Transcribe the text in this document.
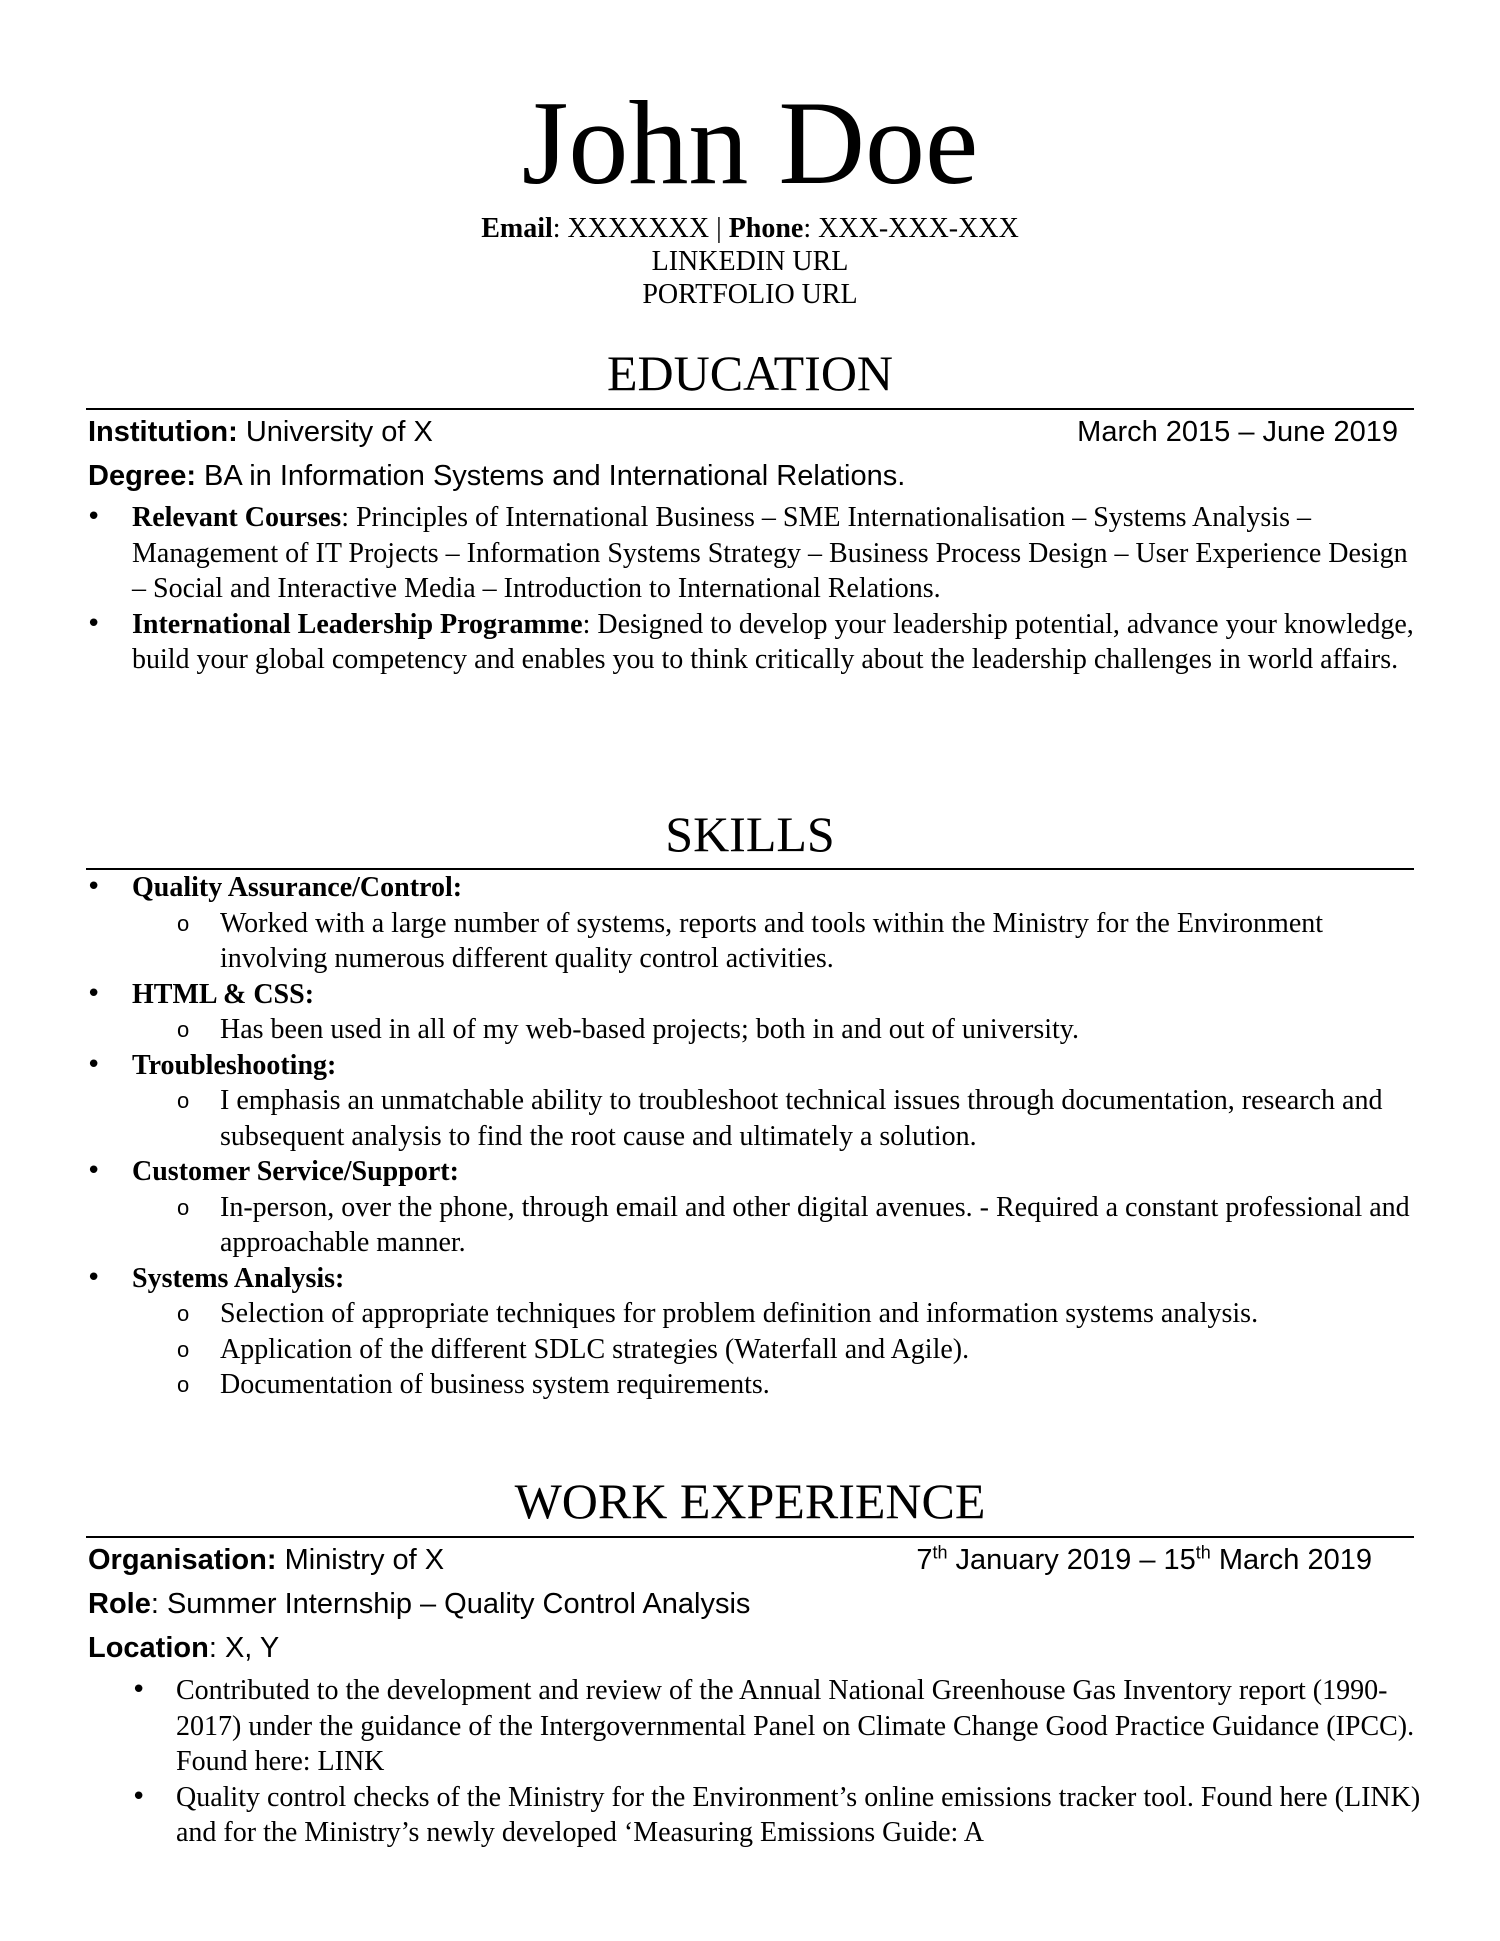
John Doe
Email: XXXXXXX | Phone: XXX-XXX-XXX
LINKEDIN URL
PORTFOLIO URL
EDUCATION
Institution: University of X	March 2015 – June 2019
Degree: BA in Information Systems and International Relations.
• Relevant Courses: Principles of International Business – SME Internationalisation – Systems Analysis – Management of IT Projects – Information Systems Strategy – Business Process Design – User Experience Design – Social and Interactive Media – Introduction to International Relations.
• International Leadership Programme: Designed to develop your leadership potential, advance your knowledge, build your global competency and enables you to think critically about the leadership challenges in world affairs.
SKILLS
• Quality Assurance/Control:
o Worked with a large number of systems, reports and tools within the Ministry for the Environment involving numerous different quality control activities.
• HTML & CSS:
o Has been used in all of my web-based projects; both in and out of university.
• Troubleshooting:
o I emphasis an unmatchable ability to troubleshoot technical issues through documentation, research and subsequent analysis to find the root cause and ultimately a solution.
• Customer Service/Support:
o In-person, over the phone, through email and other digital avenues. - Required a constant professional and approachable manner.
• Systems Analysis:
o Selection of appropriate techniques for problem definition and information systems analysis.
o Application of the different SDLC strategies (Waterfall and Agile).
o Documentation of business system requirements.
WORK EXPERIENCE
Organisation: Ministry of X	7th January 2019 – 15th March 2019
Role: Summer Internship – Quality Control Analysis
Location: X, Y
• Contributed to the development and review of the Annual National Greenhouse Gas Inventory report (1990-2017) under the guidance of the Intergovernmental Panel on Climate Change Good Practice Guidance (IPCC). Found here: LINK
• Quality control checks of the Ministry for the Environment’s online emissions tracker tool. Found here (LINK) and for the Ministry’s newly developed ‘Measuring Emissions Guide: A
